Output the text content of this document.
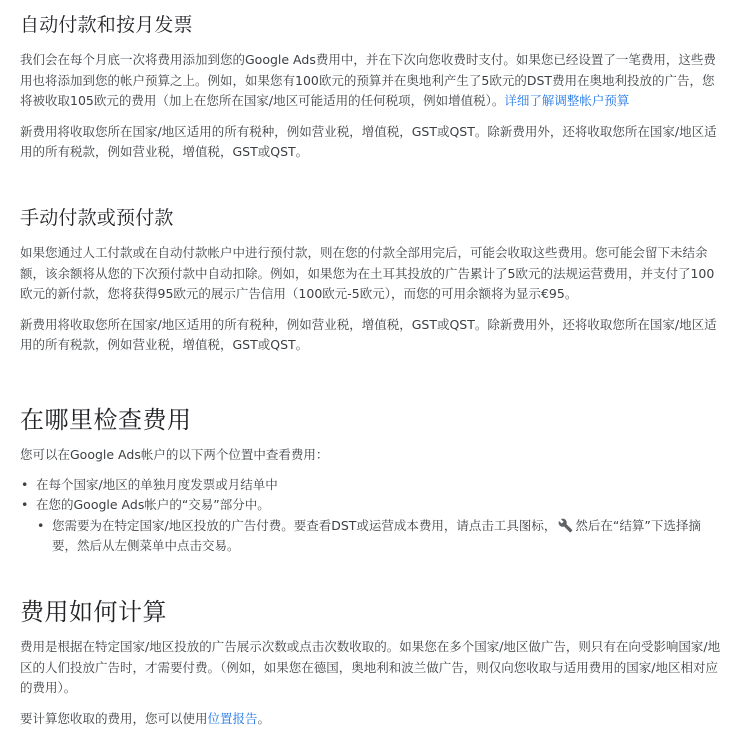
自动付款和按月发票

我们会在每个月底一次将费用添加到您的Google Ads费用中，并在下次向您收费时支付。如果您已经设置了一笔费用，这些费用也将添加到您的帐户预算之上。例如，如果您有100欧元的预算并在奥地利产生了5欧元的DST费用在奥地利投放的广告，您将被收取105欧元的费用（加上在您所在国家/地区可能适用的任何税项，例如增值税）。详细了解调整帐户预算

新费用将收取您所在国家/地区适用的所有税种，例如营业税，增值税，GST或QST。除新费用外，还将收取您所在国家/地区适用的所有税款，例如营业税，增值税，GST或QST。

手动付款或预付款

如果您通过人工付款或在自动付款帐户中进行预付款，则在您的付款全部用完后，可能会收取这些费用。您可能会留下未结余额，该余额将从您的下次预付款中自动扣除。例如，如果您为在土耳其投放的广告累计了5欧元的法规运营费用，并支付了100欧元的新付款，您将获得95欧元的展示广告信用（100欧元-5欧元），而您的可用余额将为显示€95。

新费用将收取您所在国家/地区适用的所有税种，例如营业税，增值税，GST或QST。除新费用外，还将收取您所在国家/地区适用的所有税款，例如营业税，增值税，GST或QST。

在哪里检查费用

您可以在Google Ads帐户的以下两个位置中查看费用：

• 在每个国家/地区的单独月度发票或月结单中
• 在您的Google Ads帐户的“交易”部分中。
• 您需要为在特定国家/地区投放的广告付费。要查看DST或运营成本费用，请点击工具图标， 然后在“结算”下选择摘要，然后从左侧菜单中点击交易。
费用如何计算

费用是根据在特定国家/地区投放的广告展示次数或点击次数收取的。如果您在多个国家/地区做广告，则只有在向受影响国家/地区的人们投放广告时，才需要付费。（例如，如果您在德国，奥地利和波兰做广告，则仅向您收取与适用费用的国家/地区相对应的费用）。

要计算您收取的费用，您可以使用位置报告。
